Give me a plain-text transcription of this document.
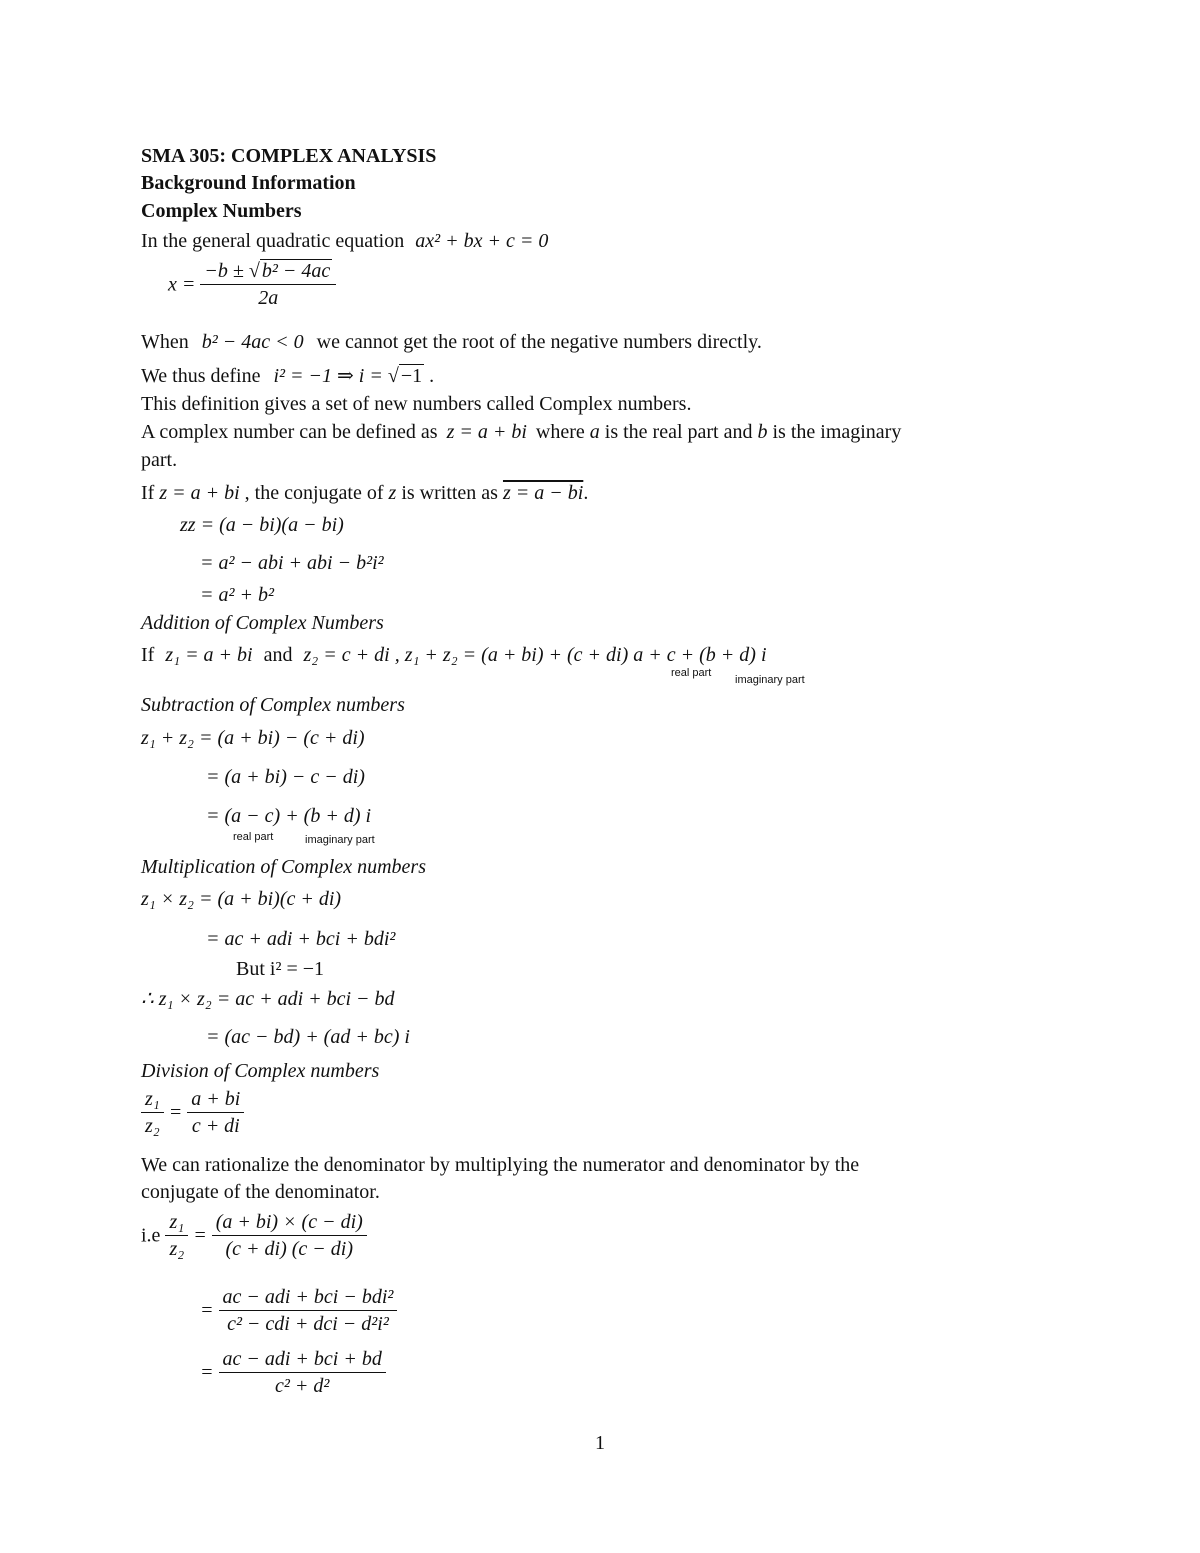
SMA 305: COMPLEX ANALYSIS
Background Information
Complex Numbers
In the general quadratic equation ax² + bx + c = 0
$x = \frac{\text{−b ± √ b² − 4ac}}{2a}$
When b² − 4ac < 0 we cannot get the root of the negative numbers directly.
We thus define i² = −1 ⇒ i = √ −1 .
This definition gives a set of new numbers called Complex numbers.
A complex number can be defined as z = a + bi where a is the real part and b is the imaginary
part.
If z = a + bi , the conjugate of z is written as z = a − bi.
zz = (a − bi)(a − bi)
= a² − abi + abi − b²i²
= a² + b²
Addition of Complex Numbers
If z₁ = a + bi and z₂ = c + di , z₁ + z₂ = (a + bi) + (c + di) a + c + (b + d) i
real part
imaginary part
Subtraction of Complex numbers
z₁ + z₂ = (a + bi) − (c + di)
= (a + bi) − c − di)
= (a − c) + (b + d) i
real part	imaginary part
Multiplication of Complex numbers
z₁ × z₂ = (a + bi)(c + di)
= ac + adi + bci + bdi²
But i² = −1
∴ z₁ × z₂ = ac + adi + bci − bd
= (ac − bd) + (ad + bc) i
Division of Complex numbers
$\frac{\text{z₁}}{\text{z₂}} = \frac{a + bi}{c + di}$
We can rationalize the denominator by multiplying the numerator and denominator by the
conjugate of the denominator.
$i.e \frac{\text{z₁}}{\text{z₂}} = \frac{(a + bi) \times (c - di)}{(c + di) (c - di)}$
= $\frac{\text{ac − adi + bci − bdi²}}{\text{c² − cdi + dci − d²i²}}$
= $\frac{\text{ac − adi + bci + bd}}{\text{c² + d²}}$
1
